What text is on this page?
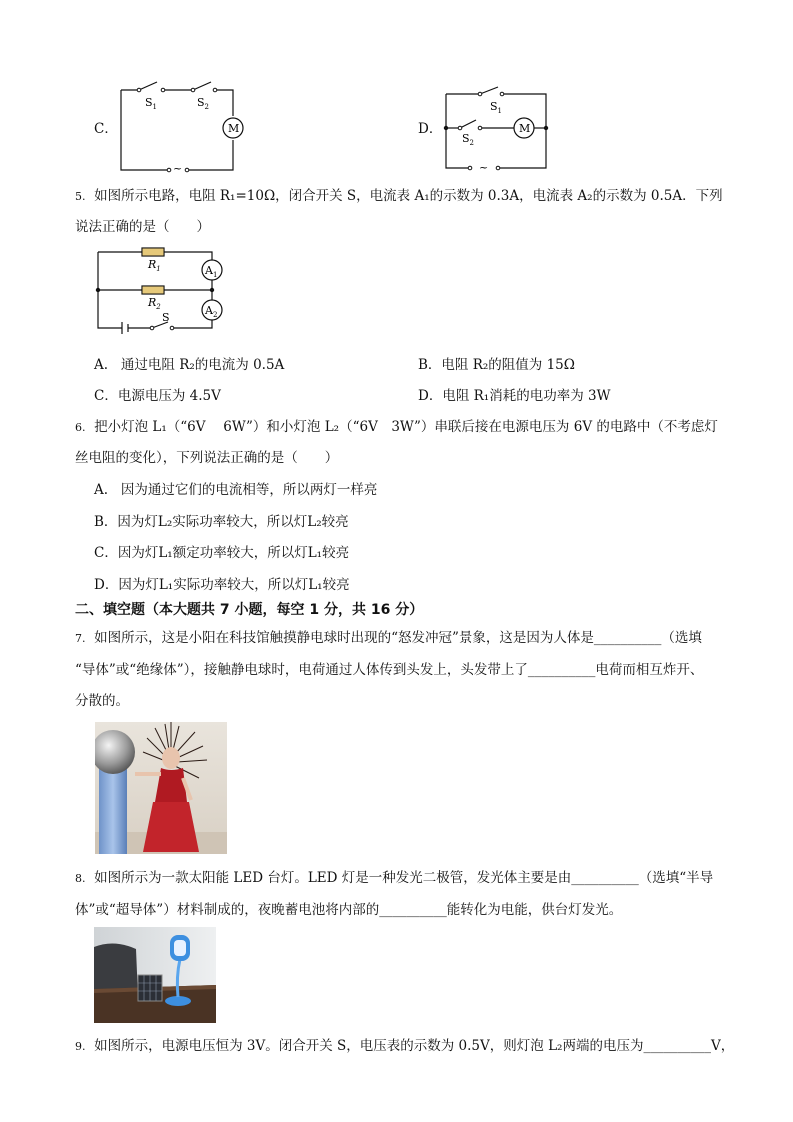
C．
$S_1$	$S_2$
M
~
D．
$S_1$
$S_2$
M
~
5. 如图所示电路，电阻 R₁=10Ω，闭合开关 S，电流表 A₁的示数为 0.3A，电流表 A₂的示数为 0.5A．下列
说法正确的是（　　）
$R_1$
$R_2$
$A_1$
$A_2$
S
A. 通过电阻 R₂的电流为 0.5A	B．电阻 R₂的阻值为 15Ω
C．电源电压为 4.5V	D．电阻 R₁消耗的电功率为 3W
6. 把小灯泡 L₁（“6V　 6W”）和小灯泡 L₂（“6V　3W”）串联后接在电源电压为 6V 的电路中（不考虑灯
丝电阻的变化），下列说法正确的是（　　）
A. 因为通过它们的电流相等，所以两灯一样亮
B．因为灯L₂实际功率较大，所以灯L₂较亮
C．因为灯L₁额定功率较大，所以灯L₁较亮
D．因为灯L₁实际功率较大，所以灯L₁较亮
二、填空题（本大题共 7 小题，每空 1 分，共 16 分）
7. 如图所示，这是小阳在科技馆触摸静电球时出现的“怒发冲冠”景象，这是因为人体是__________（选填
“导体”或“绝缘体”），接触静电球时，电荷通过人体传到头发上，头发带上了__________电荷而相互炸开、
分散的。
8. 如图所示为一款太阳能 LED 台灯。LED 灯是一种发光二极管，发光体主要是由__________（选填“半导
体”或“超导体”）材料制成的，夜晚蓄电池将内部的__________能转化为电能，供台灯发光。
9. 如图所示，电源电压恒为 3V。闭合开关 S，电压表的示数为 0.5V，则灯泡 L₂两端的电压为__________V，
